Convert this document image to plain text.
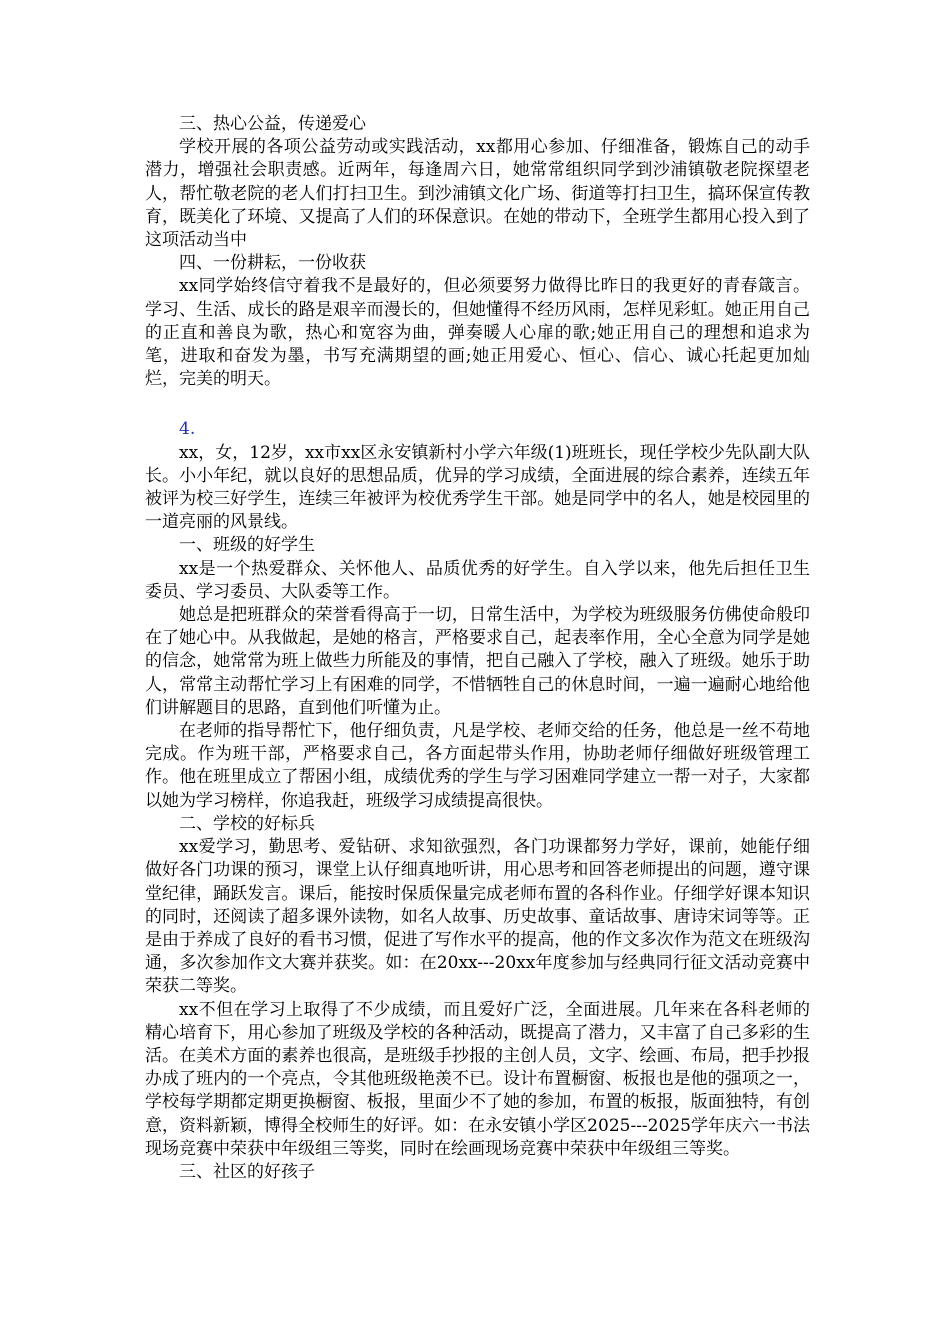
三、热心公益，传递爱心

学校开展的各项公益劳动或实践活动，xx都用心参加、仔细准备，锻炼自己的动手潜力，增强社会职责感。近两年，每逢周六日，她常常组织同学到沙浦镇敬老院探望老人，帮忙敬老院的老人们打扫卫生。到沙浦镇文化广场、街道等打扫卫生，搞环保宣传教育，既美化了环境、又提高了人们的环保意识。在她的带动下，全班学生都用心投入到了这项活动当中

四、一份耕耘，一份收获

xx同学始终信守着我不是最好的，但必须要努力做得比昨日的我更好的青春箴言。学习、生活、成长的路是艰辛而漫长的，但她懂得不经历风雨，怎样见彩虹。她正用自己的正直和善良为歌，热心和宽容为曲，弹奏暖人心扉的歌;她正用自己的理想和追求为笔，进取和奋发为墨，书写充满期望的画;她正用爱心、恒心、信心、诚心托起更加灿烂，完美的明天。

4.

xx，女，12岁，xx市xx区永安镇新村小学六年级(1)班班长，现任学校少先队副大队长。小小年纪，就以良好的思想品质，优异的学习成绩，全面进展的综合素养，连续五年被评为校三好学生，连续三年被评为校优秀学生干部。她是同学中的名人，她是校园里的一道亮丽的风景线。

一、班级的好学生

xx是一个热爱群众、关怀他人、品质优秀的好学生。自入学以来，他先后担任卫生委员、学习委员、大队委等工作。

她总是把班群众的荣誉看得高于一切，日常生活中，为学校为班级服务仿佛使命般印在了她心中。从我做起，是她的格言，严格要求自己，起表率作用，全心全意为同学是她的信念，她常常为班上做些力所能及的事情，把自己融入了学校，融入了班级。她乐于助人，常常主动帮忙学习上有困难的同学，不惜牺牲自己的休息时间，一遍一遍耐心地给他们讲解题目的思路，直到他们听懂为止。

在老师的指导帮忙下，他仔细负责，凡是学校、老师交给的任务，他总是一丝不苟地完成。作为班干部，严格要求自己，各方面起带头作用，协助老师仔细做好班级管理工作。他在班里成立了帮困小组，成绩优秀的学生与学习困难同学建立一帮一对子，大家都以她为学习榜样，你追我赶，班级学习成绩提高很快。

二、学校的好标兵

xx爱学习，勤思考、爱钻研、求知欲强烈，各门功课都努力学好，课前，她能仔细做好各门功课的预习，课堂上认仔细真地听讲，用心思考和回答老师提出的问题，遵守课堂纪律，踊跃发言。课后，能按时保质保量完成老师布置的各科作业。仔细学好课本知识的同时，还阅读了超多课外读物，如名人故事、历史故事、童话故事、唐诗宋词等等。正是由于养成了良好的看书习惯，促进了写作水平的提高，他的作文多次作为范文在班级沟通，多次参加作文大赛并获奖。如：在20xx---20xx年度参加与经典同行征文活动竞赛中荣获二等奖。

xx不但在学习上取得了不少成绩，而且爱好广泛，全面进展。几年来在各科老师的精心培育下，用心参加了班级及学校的各种活动，既提高了潜力，又丰富了自己多彩的生活。在美术方面的素养也很高，是班级手抄报的主创人员，文字、绘画、布局，把手抄报办成了班内的一个亮点，令其他班级艳羡不已。设计布置橱窗、板报也是他的强项之一，学校每学期都定期更换橱窗、板报，里面少不了她的参加，布置的板报，版面独特，有创意，资料新颖，博得全校师生的好评。如：在永安镇小学区2025---2025学年庆六一书法现场竞赛中荣获中年级组三等奖，同时在绘画现场竞赛中荣获中年级组三等奖。

三、社区的好孩子
